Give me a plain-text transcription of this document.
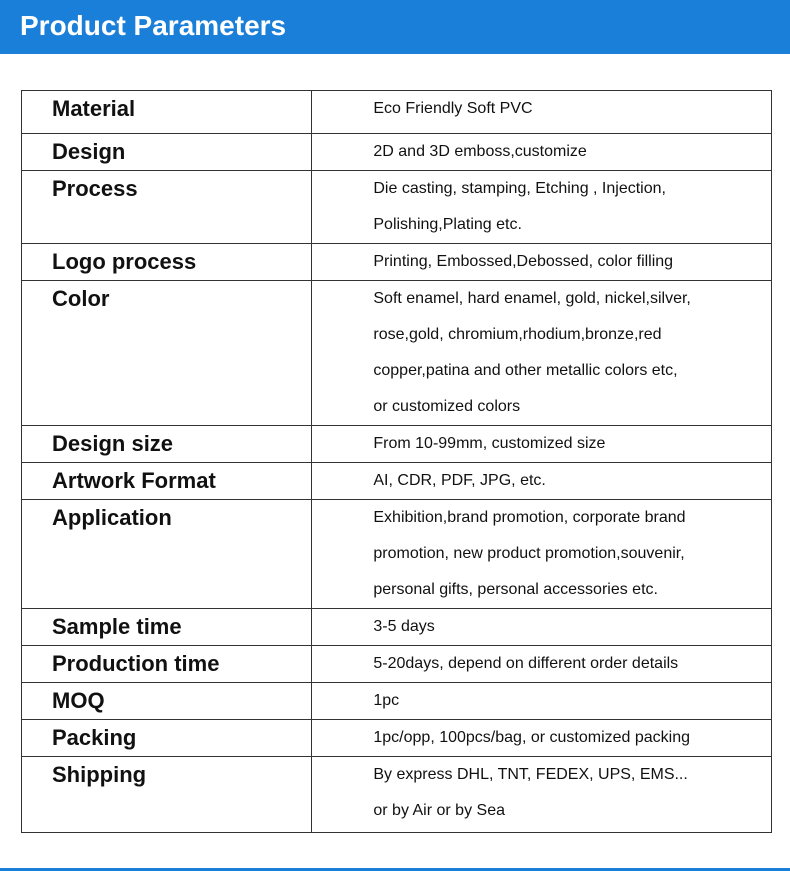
Product Parameters
Material	Eco Friendly Soft PVC

Design	2D and 3D emboss,customize

Process	Die casting, stamping, Etching , Injection,
Polishing,Plating etc.

Logo process	Printing, Embossed,Debossed, color filling

Color	Soft enamel, hard enamel, gold, nickel,silver,
rose,gold, chromium,rhodium,bronze,red
copper,patina and other metallic colors etc,
or customized colors

Design size	From 10-99mm, customized size

Artwork Format	AI, CDR, PDF, JPG, etc.

Application	Exhibition,brand promotion, corporate brand
promotion, new product promotion,souvenir,
personal gifts, personal accessories etc.

Sample time	3-5 days

Production time	5-20days, depend on different order details

MOQ	1pc

Packing	1pc/opp, 100pcs/bag, or customized packing

Shipping	By express DHL, TNT, FEDEX, UPS, EMS...
or by Air or by Sea
